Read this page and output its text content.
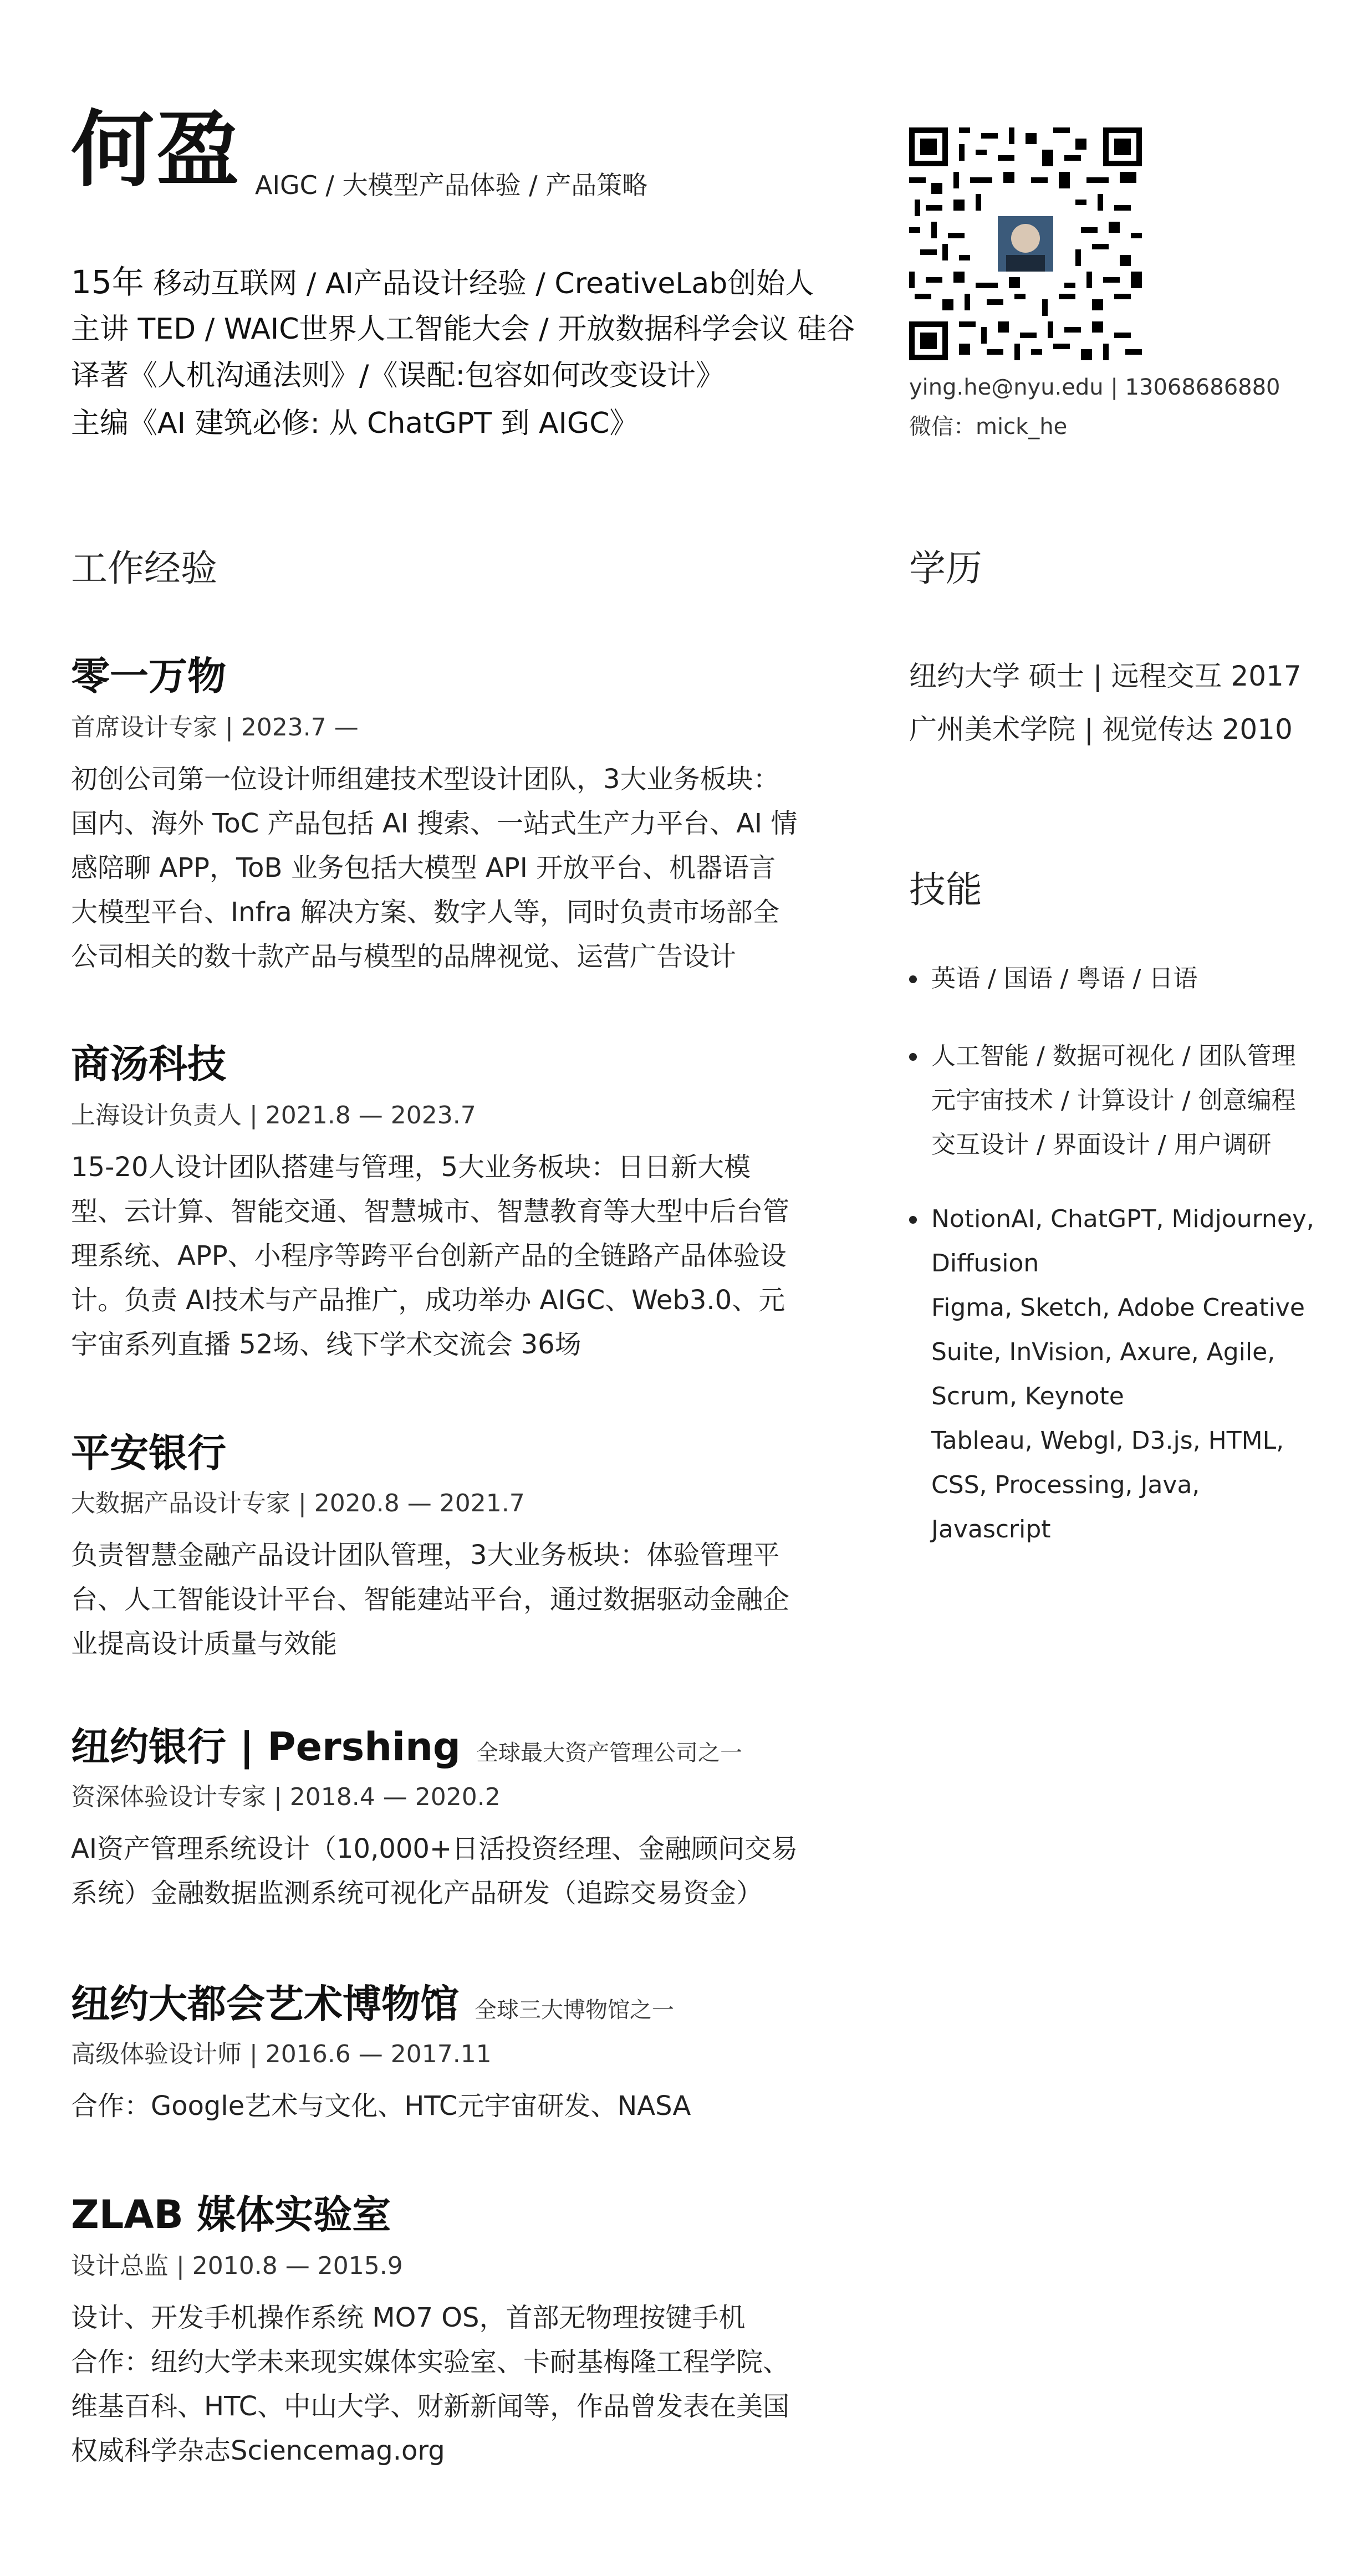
何盈 AIGC / 大模型产品体验 / 产品策略
15年 移动互联网 / AI产品设计经验 / CreativeLab创始人
主讲 TED / WAIC世界人工智能大会 / 开放数据科学会议 硅谷
译著《人机沟通法则》/《误配:包容如何改变设计》
主编《AI 建筑必修: 从 ChatGPT 到 AIGC》
ying.he@nyu.edu | 13068686880
微信：mick_he
工作经验	学历
技能
零一万物
首席设计专家 | 2023.7 —

初创公司第一位设计师组建技术型设计团队，3大业务板块：

国内、海外 ToC 产品包括 AI 搜索、一站式生产力平台、AI 情

感陪聊 APP，ToB 业务包括大模型 API 开放平台、机器语言

大模型平台、Infra 解决方案、数字人等，同时负责市场部全

公司相关的数十款产品与模型的品牌视觉、运营广告设计

商汤科技
上海设计负责人 | 2021.8 — 2023.7

15-20人设计团队搭建与管理，5大业务板块：日日新大模

型、云计算、智能交通、智慧城市、智慧教育等大型中后台管

理系统、APP、小程序等跨平台创新产品的全链路产品体验设

计。负责 AI技术与产品推广，成功举办 AIGC、Web3.0、元

宇宙系列直播 52场、线下学术交流会 36场

平安银行
大数据产品设计专家 | 2020.8 — 2021.7

负责智慧金融产品设计团队管理，3大业务板块：体验管理平

台、人工智能设计平台、智能建站平台，通过数据驱动金融企

业提高设计质量与效能

纽约银行 | Pershing 全球最大资产管理公司之一
资深体验设计专家 | 2018.4 — 2020.2

AI资产管理系统设计（10,000+日活投资经理、金融顾问交易

系统）金融数据监测系统可视化产品研发（追踪交易资金）

纽约大都会艺术博物馆 全球三大博物馆之一
高级体验设计师 | 2016.6 — 2017.11

合作：Google艺术与文化、HTC元宇宙研发、NASA

ZLAB 媒体实验室
设计总监 | 2010.8 — 2015.9

设计、开发手机操作系统 MO7 OS，首部无物理按键手机

合作：纽约大学未来现实媒体实验室、卡耐基梅隆工程学院、

维基百科、HTC、中山大学、财新新闻等，作品曾发表在美国

权威科学杂志Sciencemag.org

纽约大学 硕士 | 远程交互 2017
广州美术学院 | 视觉传达 2010

英语 / 国语 / 粤语 / 日语

人工智能 / 数据可视化 / 团队管理

元宇宙技术 / 计算设计 / 创意编程

交互设计 / 界面设计 / 用户调研

NotionAI, ChatGPT, Midjourney,

Diffusion

Figma, Sketch, Adobe Creative

Suite, InVision, Axure, Agile,

Scrum, Keynote

Tableau, Webgl, D3.js, HTML,

CSS, Processing, Java,

Javascript
